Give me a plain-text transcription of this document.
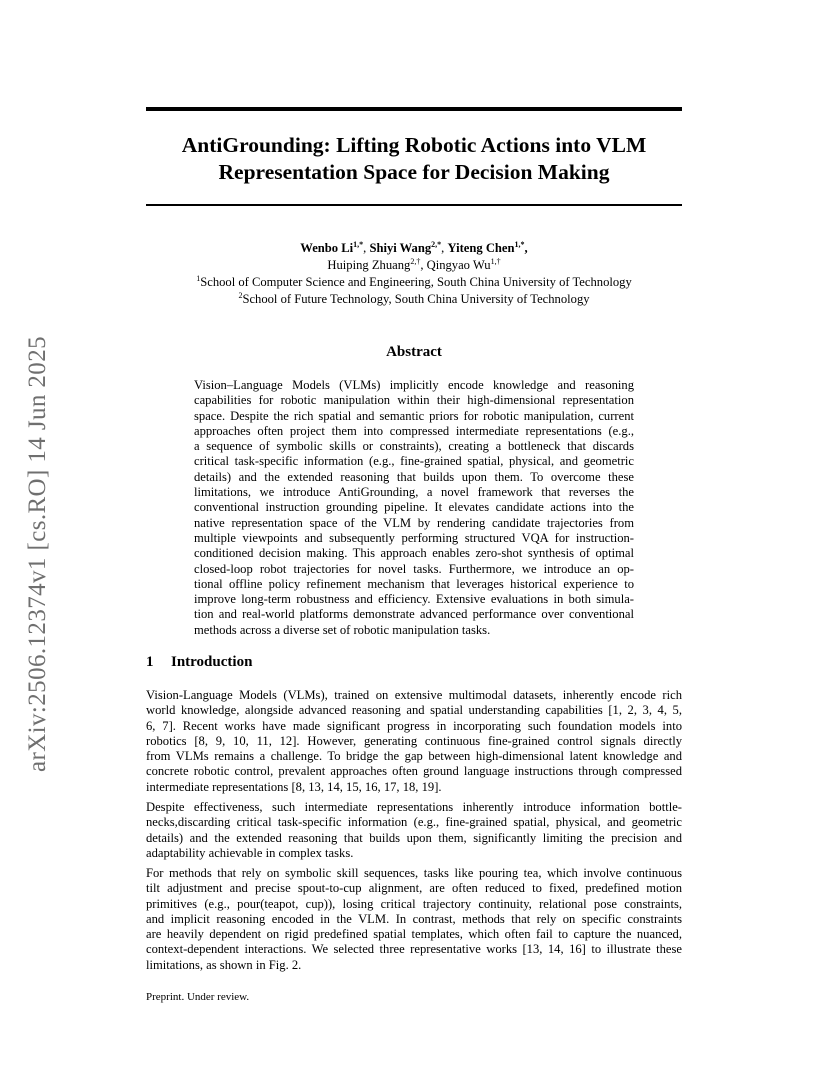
arXiv:2506.12374v1 [cs.RO] 14 Jun 2025
AntiGrounding: Lifting Robotic Actions into VLM
Representation Space for Decision Making
Wenbo $Li^{1,*}$, Shiyi Wang$^{2,*}$, Yiteng Chen$^{1,*}$,
Huiping Zhuang$^{2,\dagger}$, Qingyao $Wu^{1,\dagger}$
$^1$School of Computer Science and Engineering, South China University of Technology
$^2$School of Future Technology, South China University of Technology
Abstract
Vision–Language Models (VLMs) implicitly encode knowledge and reasoning
capabilities for robotic manipulation within their high-dimensional representation
space. Despite the rich spatial and semantic priors for robotic manipulation, current
approaches often project them into compressed intermediate representations (e.g.,
a sequence of symbolic skills or constraints), creating a bottleneck that discards
critical task-specific information (e.g., fine-grained spatial, physical, and geometric
details) and the extended reasoning that builds upon them. To overcome these
limitations, we introduce AntiGrounding, a novel framework that reverses the
conventional instruction grounding pipeline. It elevates candidate actions into the
native representation space of the VLM by rendering candidate trajectories from
multiple viewpoints and subsequently performing structured VQA for instruction-
conditioned decision making. This approach enables zero-shot synthesis of optimal
closed-loop robot trajectories for novel tasks. Furthermore, we introduce an op-
tional offline policy refinement mechanism that leverages historical experience to
improve long-term robustness and efficiency. Extensive evaluations in both simula-
tion and real-world platforms demonstrate advanced performance over conventional
methods across a diverse set of robotic manipulation tasks.
1 Introduction
Vision-Language Models (VLMs), trained on extensive multimodal datasets, inherently encode rich
world knowledge, alongside advanced reasoning and spatial understanding capabilities [1, 2, 3, 4, 5,
6, 7]. Recent works have made significant progress in incorporating such foundation models into
robotics [8, 9, 10, 11, 12]. However, generating continuous fine-grained control signals directly
from VLMs remains a challenge. To bridge the gap between high-dimensional latent knowledge and
concrete robotic control, prevalent approaches often ground language instructions through compressed
intermediate representations [8, 13, 14, 15, 16, 17, 18, 19].
Despite effectiveness, such intermediate representations inherently introduce information bottle-
necks,discarding critical task-specific information (e.g., fine-grained spatial, physical, and geometric
details) and the extended reasoning that builds upon them, significantly limiting the precision and
adaptability achievable in complex tasks.
For methods that rely on symbolic skill sequences, tasks like pouring tea, which involve continuous
tilt adjustment and precise spout-to-cup alignment, are often reduced to fixed, predefined motion
primitives (e.g., pour(teapot, cup)), losing critical trajectory continuity, relational pose constraints,
and implicit reasoning encoded in the VLM. In contrast, methods that rely on specific constraints
are heavily dependent on rigid predefined spatial templates, which often fail to capture the nuanced,
context-dependent interactions. We selected three representative works [13, 14, 16] to illustrate these
limitations, as shown in Fig. 2.
Preprint. Under review.
